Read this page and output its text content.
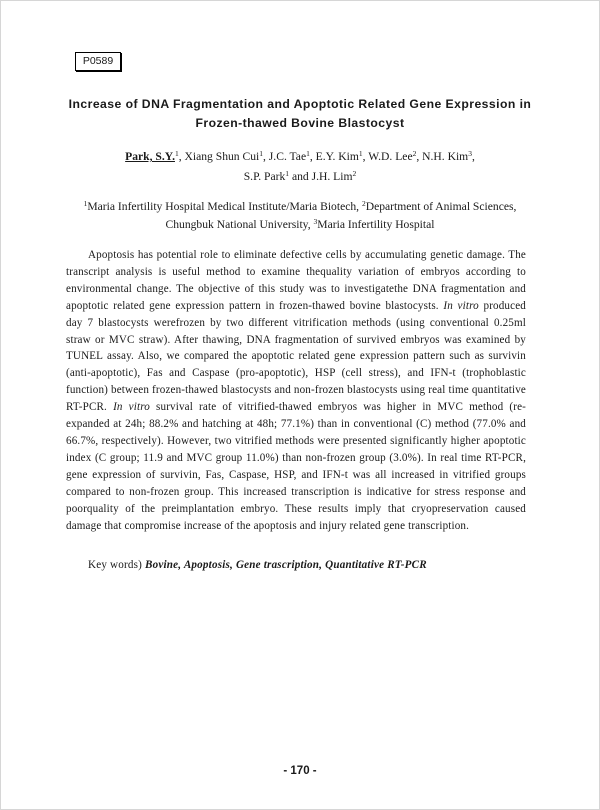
P0589
Increase of DNA Fragmentation and Apoptotic Related Gene Expression in
Frozen-thawed Bovine Blastocyst
Park, S.Y.$^1$, Xiang Shun Cui$^1$, J.C. Tae$^1$, E.Y. Kim$^1$, W.D. Lee$^2$, N.H. Kim$^3$,
S.P. Park$^1$ and J.H. Lim$^2$
$^1$Maria Infertility Hospital Medical Institute/Maria Biotech, $^2$Department of Animal Sciences,
Chungbuk National University, $^3$Maria Infertility Hospital

Apoptosis has potential role to eliminate defective cells by accumulating genetic damage. The transcript analysis is useful method to examine thequality variation of embryos according to environmental change. The objective of this study was to investigatethe DNA fragmentation and apoptotic related gene expression pattern in frozen-thawed bovine blastocysts. In vitro produced day 7 blastocysts werefrozen by two different vitrification methods (using conventional 0.25ml straw or MVC straw). After thawing, DNA fragmentation of survived embryos was examined by TUNEL assay. Also, we compared the apoptotic related gene expression pattern such as survivin (anti-apoptotic), Fas and Caspase (pro-apoptotic), HSP (cell stress), and IFN-t (trophoblastic function) between frozen-thawed blastocysts and non-frozen blastocysts using real time quantitative RT-PCR. In vitro survival rate of vitrified-thawed embryos was higher in MVC method (re-expanded at 24h; 88.2% and hatching at 48h; 77.1%) than in conventional (C) method (77.0% and 66.7%, respectively). However, two vitrified methods were presented significantly higher apoptotic index (C group; 11.9 and MVC group 11.0%) than non-frozen group (3.0%). In real time RT-PCR, gene expression of survivin, Fas, Caspase, HSP, and IFN-t was all increased in vitrified groups compared to non-frozen group. This increased transcription is indicative for stress response and poorquality of the preimplantation embryo. These results imply that cryopreservation caused damage that compromise increase of the apoptosis and injury related gene transcription.

Key words) Bovine, Apoptosis, Gene trascription, Quantitative RT-PCR
- 170 -
